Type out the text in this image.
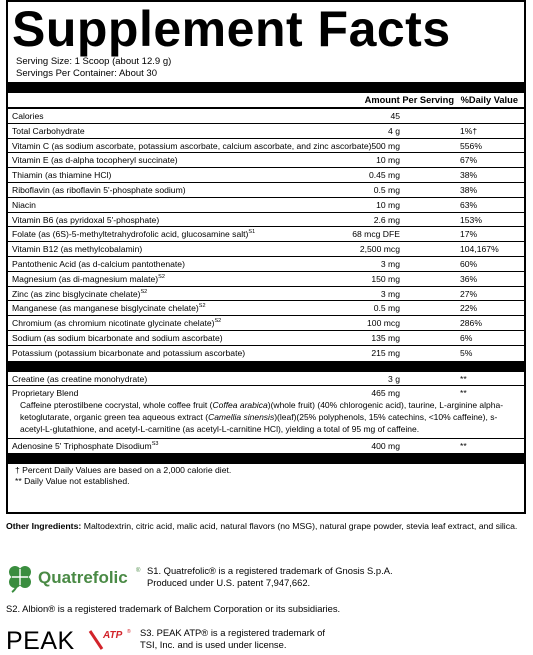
Supplement Facts
Serving Size: 1 Scoop (about 12.9 g)
Servings Per Container: About 30
Amount Per Serving %Daily Value
Calories	45
Total Carbohydrate	4 g	1%†
Vitamin C (as sodium ascorbate, potassium ascorbate, calcium ascorbate, and zinc ascorbate) 500 mg	556%
Vitamin E (as d-alpha tocopheryl succinate)	10 mg	67%
Thiamin (as thiamine HCl)	0.45 mg	38%
Riboflavin (as riboflavin 5'-phosphate sodium)	0.5 mg	38%
Niacin	10 mg	63%
Vitamin B6 (as pyridoxal 5'-phosphate)	2.6 mg	153%
Folate (as (6S)-5-methyltetrahydrofolic acid, glucosamine salt)$^{S1}$	68 mcg DFE	17%
Vitamin B12 (as methylcobalamin)	2,500 mcg	104,167%
Pantothenic Acid (as d-calcium pantothenate)	3 mg	60%
Magnesium (as di-magnesium malate)$^{S2}$	150 mg	36%
Zinc (as zinc bisglycinate chelate)$^{S2}$	3 mg	27%
Manganese (as manganese bisglycinate chelate)$^{S2}$	0.5 mg	22%
Chromium (as chromium nicotinate glycinate chelate)$^{S2}$	100 mcg	286%
Sodium (as sodium bicarbonate and sodium ascorbate)	135 mg	6%
Potassium (potassium bicarbonate and potassium ascorbate)	215 mg	5%
Creatine (as creatine monohydrate)	3 g	**
Proprietary Blend	465 mg	**
Caffeine pterostilbene cocrystal, whole coffee fruit (Coffea arabica)(whole fruit) (40% chlorogenic acid), taurine, L-arginine alpha-ketoglutarate, organic green tea aqueous extract (Camellia sinensis)(leaf)(25% polyphenols, 15% catechins, <10% caffeine), s-acetyl-L-glutathione, and acetyl-L-carnitine (as acetyl-L-carnitine HCl), yielding a total of 95 mg of caffeine.
Adenosine 5' Triphosphate Disodium$^{S3}$	400 mg	**
† Percent Daily Values are based on a 2,000 calorie diet.
** Daily Value not established.
Other Ingredients: Maltodextrin, citric acid, malic acid, natural flavors (no MSG), natural grape powder, stevia leaf extract, and silica.
Quatrefolic ® S1. Quatrefolic® is a registered trademark of Gnosis S.p.A.
Produced under U.S. patent 7,947,662.
S2. Albion® is a registered trademark of Balchem Corporation or its subsidiaries.
PEAK	ATP ® S3. PEAK ATP® is a registered trademark of
TSI, Inc. and is used under license.
